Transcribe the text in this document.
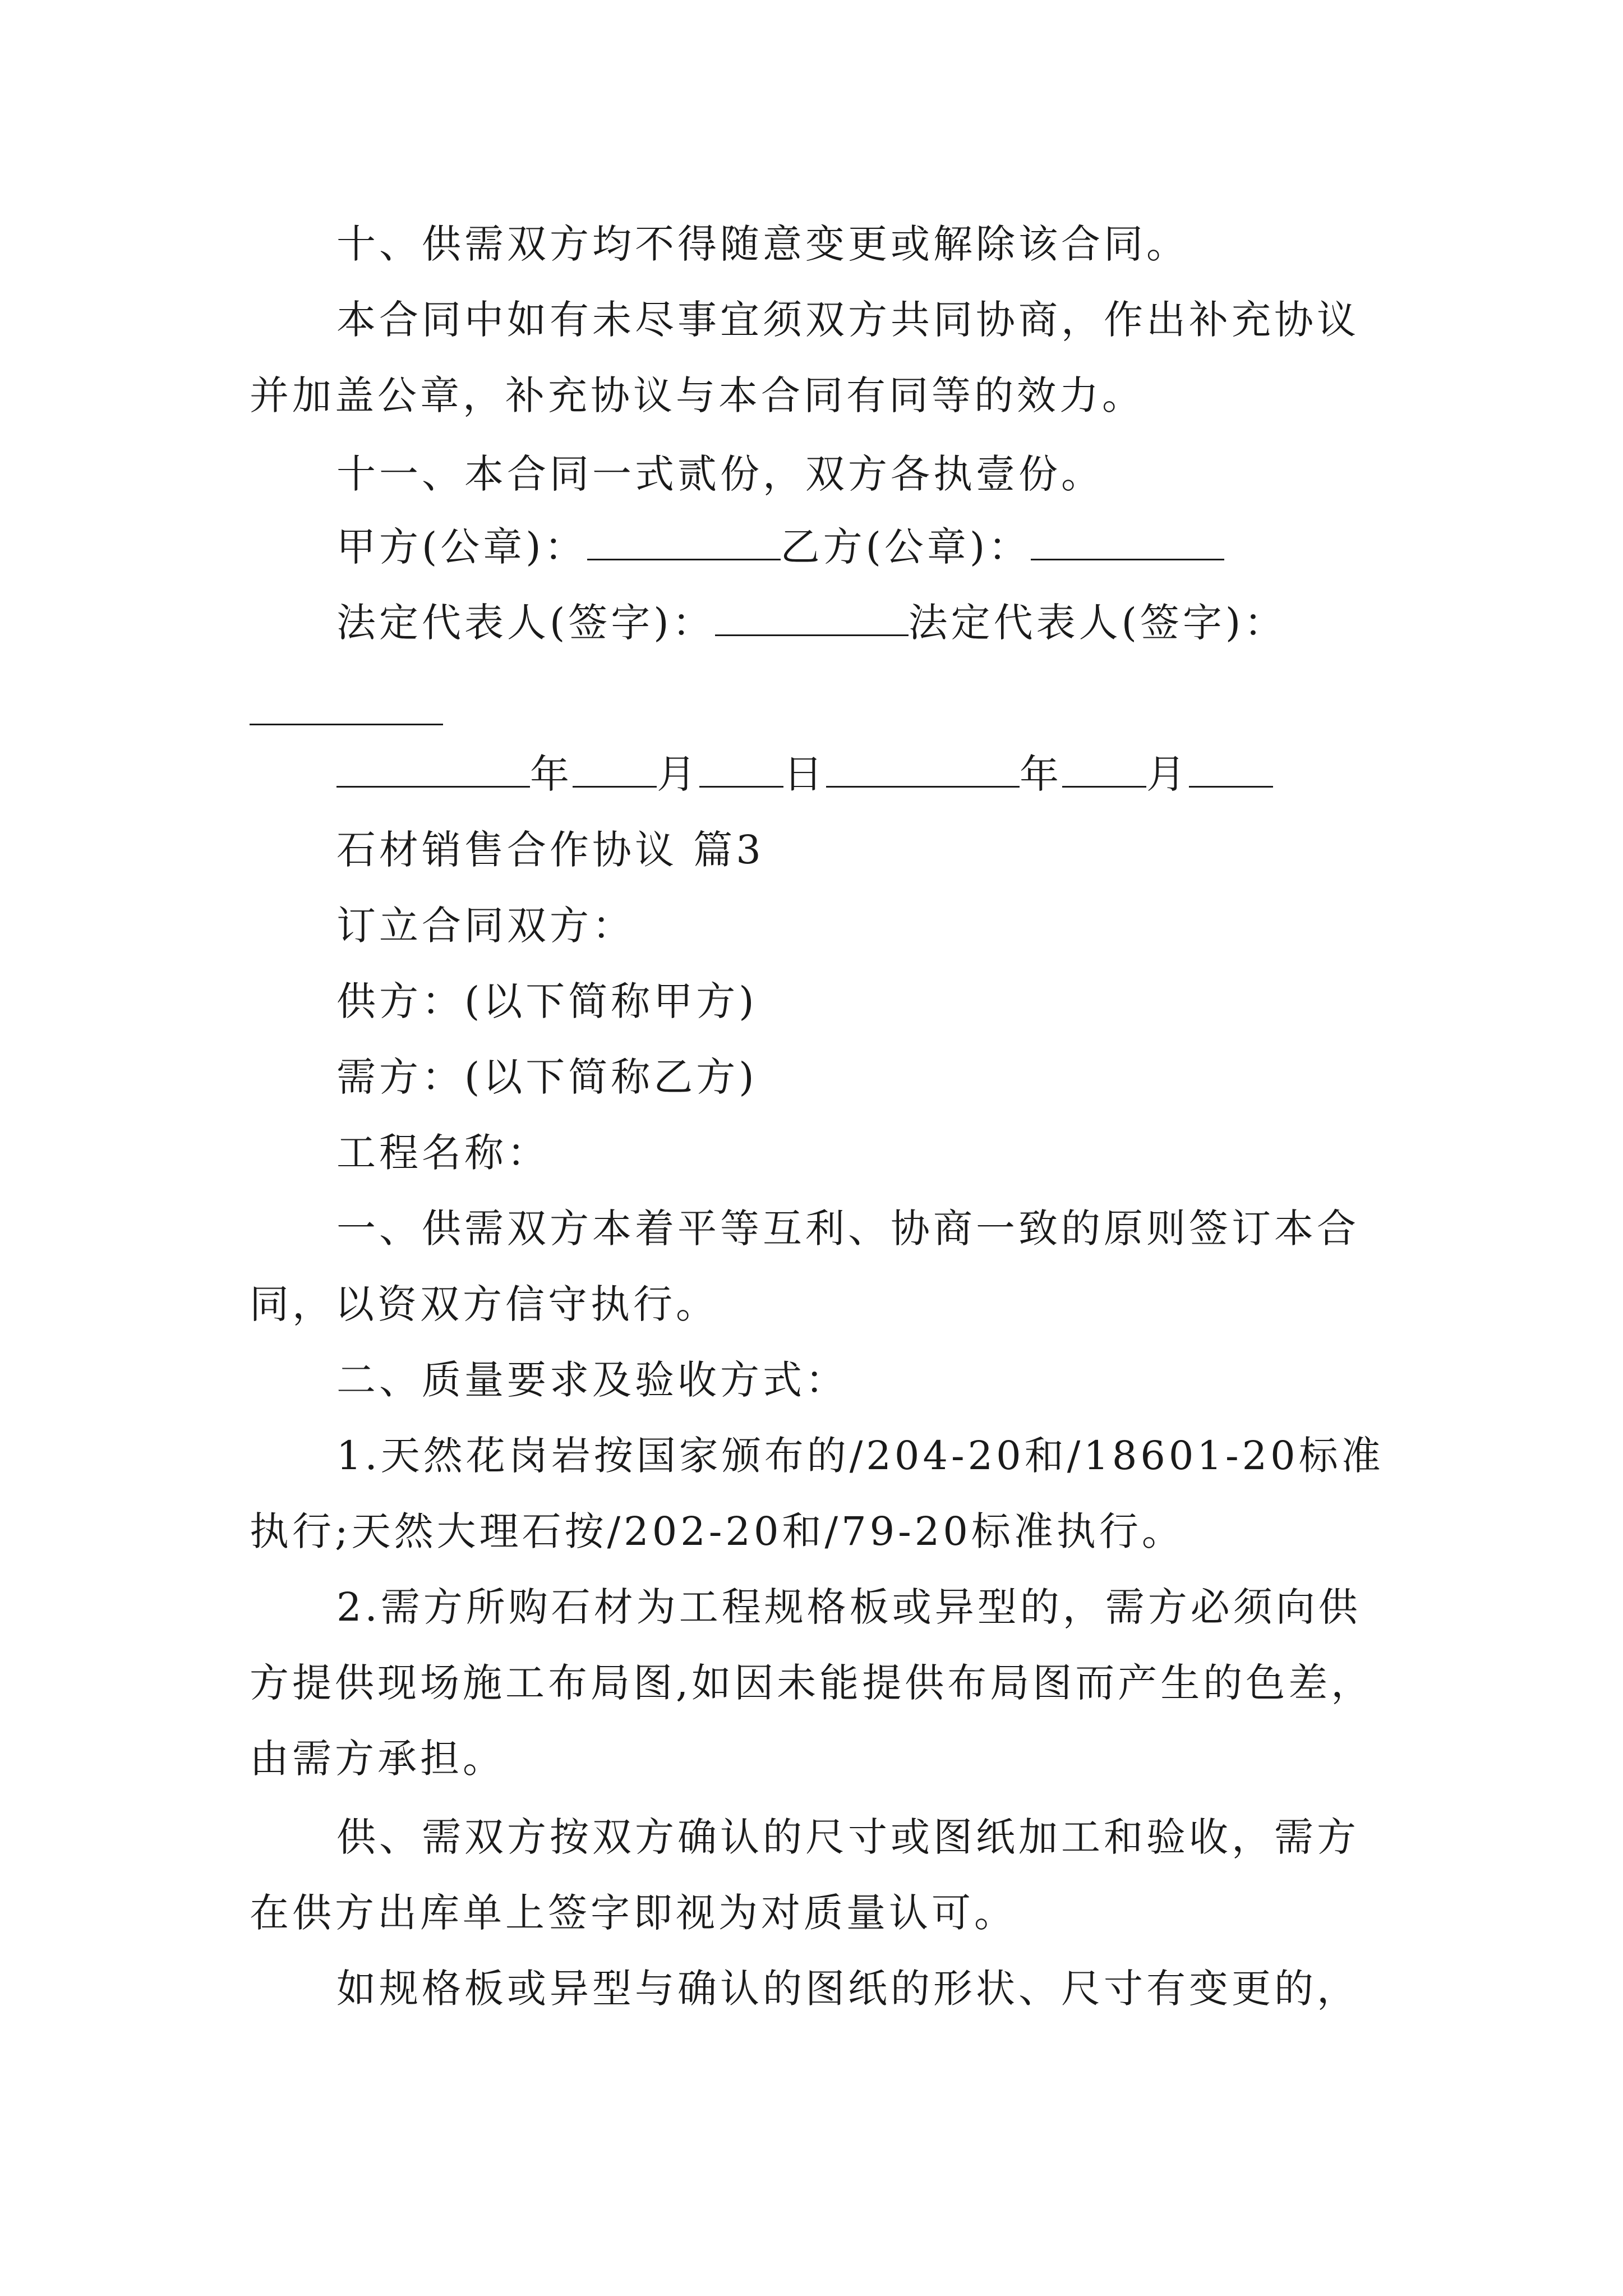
十、供需双方均不得随意变更或解除该合同。
本合同中如有未尽事宜须双方共同协商，作出补充协议
并加盖公章，补充协议与本合同有同等的效力。
十一、本合同一式贰份，双方各执壹份。
甲方(公章)：	乙方(公章)：
法定代表人(签字)：	法定代表人(签字)：
年 月 日	年 月
石材销售合作协议 篇3
订立合同双方：
供方：(以下简称甲方)
需方：(以下简称乙方)
工程名称：
一、供需双方本着平等互利、协商一致的原则签订本合
同，以资双方信守执行。
二、质量要求及验收方式：
1.天然花岗岩按国家颁布的/204-20和/18601-20标准
执行;天然大理石按/202-20和/79-20标准执行。
2.需方所购石材为工程规格板或异型的，需方必须向供
方提供现场施工布局图,如因未能提供布局图而产生的色差，
由需方承担。
供、需双方按双方确认的尺寸或图纸加工和验收，需方
在供方出库单上签字即视为对质量认可。
如规格板或异型与确认的图纸的形状、尺寸有变更的，
